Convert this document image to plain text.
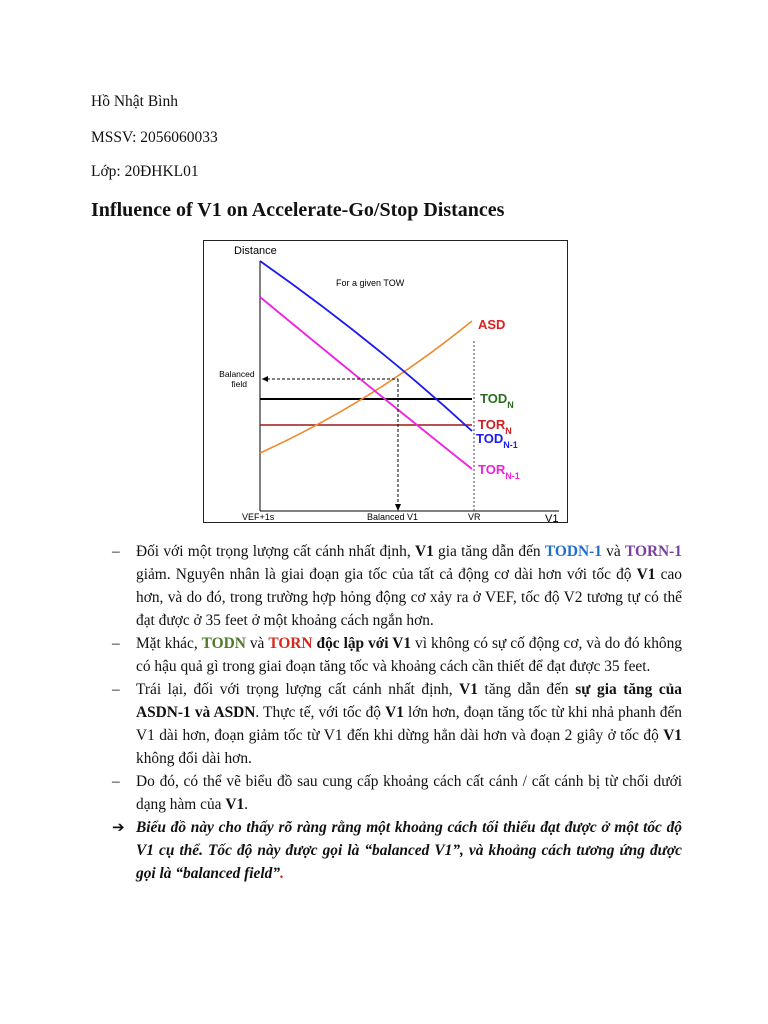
Hồ Nhật Bình
MSSV: 2056060033
Lớp: 20ĐHKL01
Influence of V1 on Accelerate-Go/Stop Distances
Distance
V1
For a given TOW
Balanced field
VEF+1s	Balanced V1	VR
ASD
$TOD_N$
$TOR_N$
$TOD_{N-1}$
$TOR_{N-1}$
–	Đối với một trọng lượng cất cánh nhất định, V1 gia tăng dẫn đến TODN-1 và TORN-1 giảm. Nguyên nhân là giai đoạn gia tốc của tất cả động cơ dài hơn với tốc độ V1 cao hơn, và do đó, trong trường hợp hỏng động cơ xảy ra ở VEF, tốc độ V2 tương tự có thể đạt được ở 35 feet ở một khoảng cách ngắn hơn.
–	Mặt khác, TODN và TORN độc lập với V1 vì không có sự cố động cơ, và do đó không có hậu quả gì trong giai đoạn tăng tốc và khoảng cách cần thiết để đạt được 35 feet.
–	Trái lại, đối với trọng lượng cất cánh nhất định, V1 tăng dẫn đến sự gia tăng của ASDN-1 và ASDN. Thực tế, với tốc độ V1 lớn hơn, đoạn tăng tốc từ khi nhả phanh đến V1 dài hơn, đoạn giảm tốc từ V1 đến khi dừng hẳn dài hơn và đoạn 2 giây ở tốc độ V1 không đổi dài hơn.
–	Do đó, có thể vẽ biểu đồ sau cung cấp khoảng cách cất cánh / cất cánh bị từ chối dưới dạng hàm của V1.
➔ Biểu đồ này cho thấy rõ ràng rằng một khoảng cách tối thiểu đạt được ở một tốc độ V1 cụ thể. Tốc độ này được gọi là “balanced V1”, và khoảng cách tương ứng được gọi là “balanced field”.
